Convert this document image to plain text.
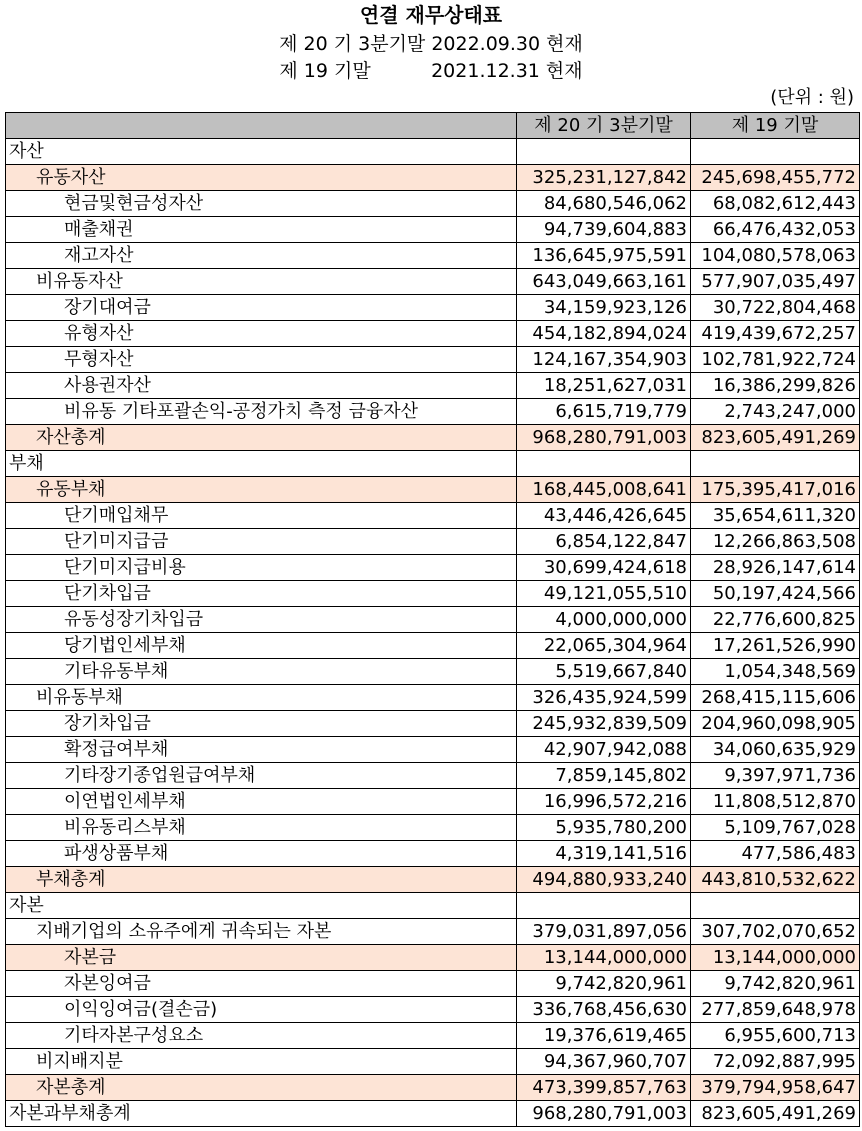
연결 재무상태표
제 20 기 3분기말 2022.09.30 현재
제 19 기말          2021.12.31 현재
(단위 : 원)
	제 20 기 3분기말	제 19 기말
자산		
유동자산	325,231,127,842	245,698,455,772
현금및현금성자산	84,680,546,062	68,082,612,443
매출채권	94,739,604,883	66,476,432,053
재고자산	136,645,975,591	104,080,578,063
비유동자산	643,049,663,161	577,907,035,497
장기대여금	34,159,923,126	30,722,804,468
유형자산	454,182,894,024	419,439,672,257
무형자산	124,167,354,903	102,781,922,724
사용권자산	18,251,627,031	16,386,299,826
비유동 기타포괄손익-공정가치 측정 금융자산	6,615,719,779	2,743,247,000
자산총계	968,280,791,003	823,605,491,269
부채		
유동부채	168,445,008,641	175,395,417,016
단기매입채무	43,446,426,645	35,654,611,320
단기미지급금	6,854,122,847	12,266,863,508
단기미지급비용	30,699,424,618	28,926,147,614
단기차입금	49,121,055,510	50,197,424,566
유동성장기차입금	4,000,000,000	22,776,600,825
당기법인세부채	22,065,304,964	17,261,526,990
기타유동부채	5,519,667,840	1,054,348,569
비유동부채	326,435,924,599	268,415,115,606
장기차입금	245,932,839,509	204,960,098,905
확정급여부채	42,907,942,088	34,060,635,929
기타장기종업원급여부채	7,859,145,802	9,397,971,736
이연법인세부채	16,996,572,216	11,808,512,870
비유동리스부채	5,935,780,200	5,109,767,028
파생상품부채	4,319,141,516	477,586,483
부채총계	494,880,933,240	443,810,532,622
자본		
지배기업의 소유주에게 귀속되는 자본	379,031,897,056	307,702,070,652
자본금	13,144,000,000	13,144,000,000
자본잉여금	9,742,820,961	9,742,820,961
이익잉여금(결손금)	336,768,456,630	277,859,648,978
기타자본구성요소	19,376,619,465	6,955,600,713
비지배지분	94,367,960,707	72,092,887,995
자본총계	473,399,857,763	379,794,958,647
자본과부채총계	968,280,791,003	823,605,491,269
